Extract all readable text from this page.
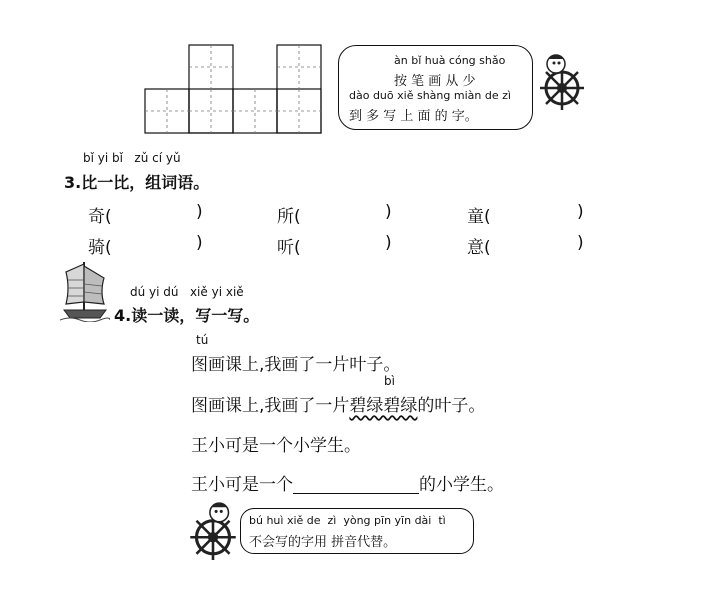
àn bǐ huà cóng shǎo
按 笔 画 从 少
dào duō xiě shàng miàn de zì
到 多 写 上 面 的 字。
bǐ yi bǐ   zǔ cí yǔ
3.比一比，组词语。
奇(	)	所(	)	童(	)
骑(	)	听(	)	意(	)
dú yi dú   xiě yi xiě
4.读一读，写一写。
tú
图画课上,我画了一片叶子。
bì
图画课上,我画了一片碧绿碧绿的叶子。
王小可是一个小学生。
王小可是一个	的小学生。
bú huì xiě de  zì  yòng pīn yīn dài  tì
不会写的字用 拼音代替。
